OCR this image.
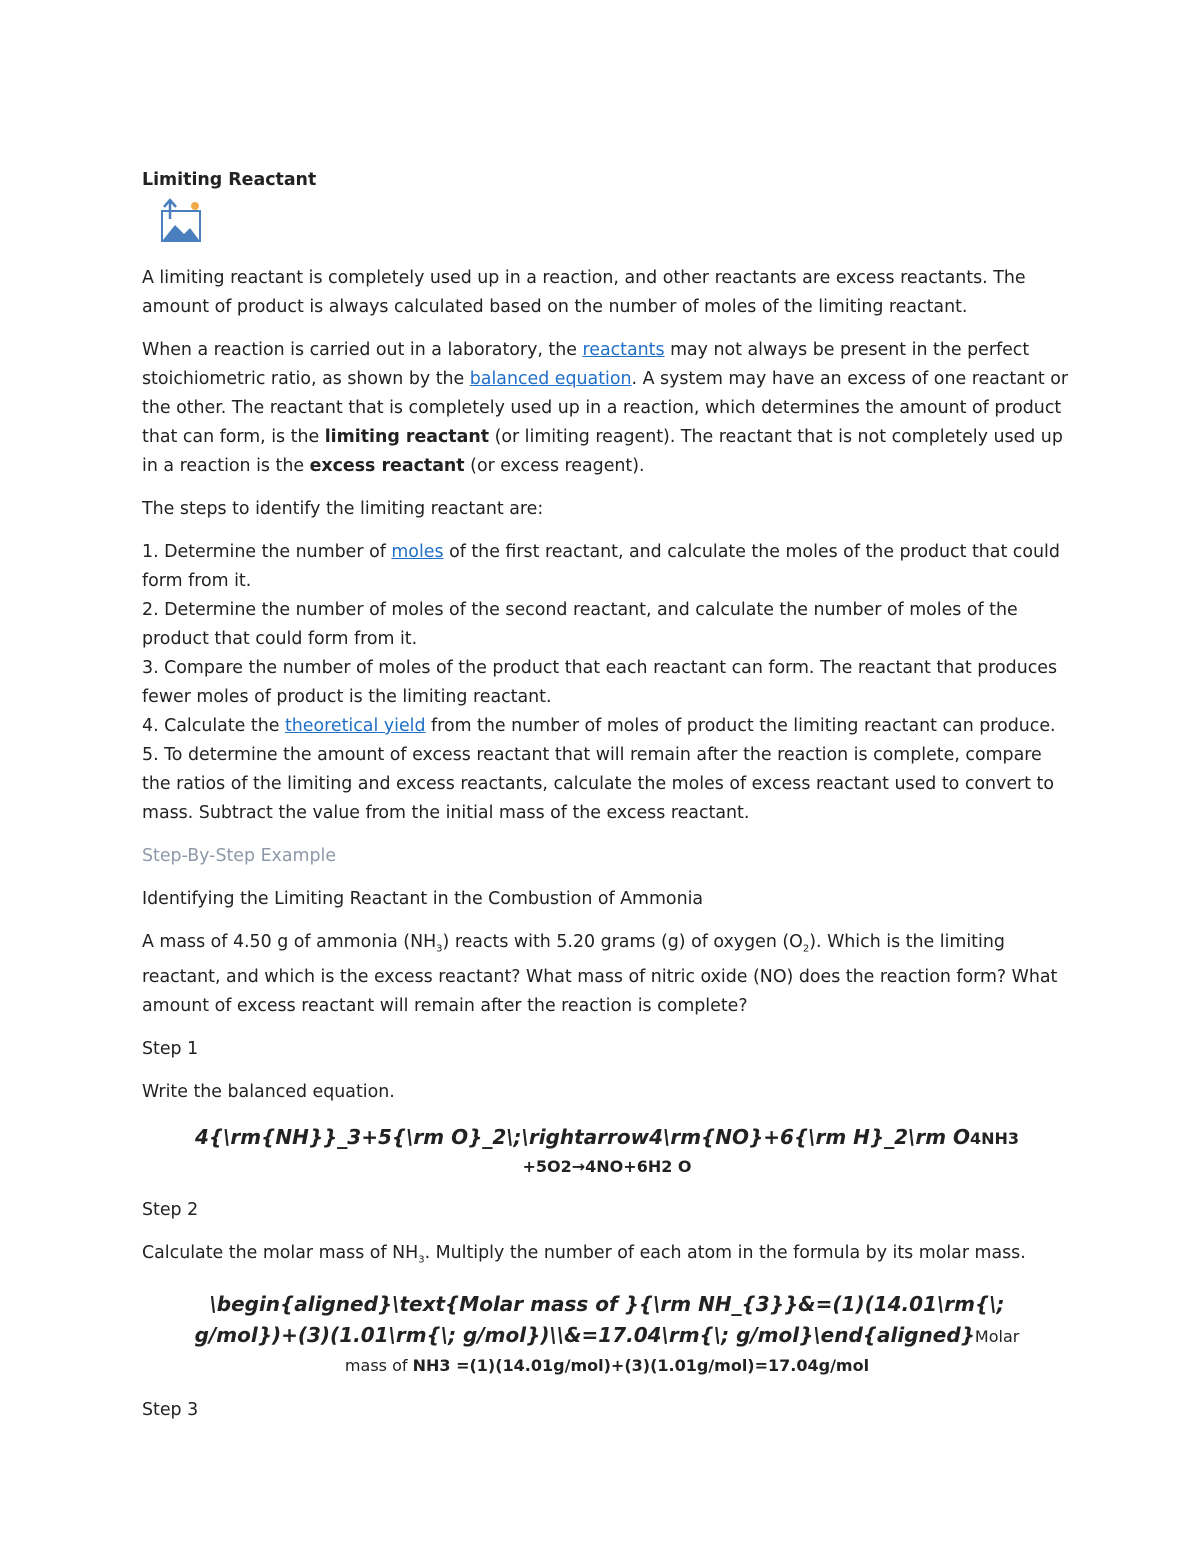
Limiting Reactant

A limiting reactant is completely used up in a reaction, and other reactants are excess reactants. The amount of product is always calculated based on the number of moles of the limiting reactant.

When a reaction is carried out in a laboratory, the reactants may not always be present in the perfect stoichiometric ratio, as shown by the balanced equation. A system may have an excess of one reactant or the other. The reactant that is completely used up in a reaction, which determines the amount of product that can form, is the limiting reactant (or limiting reagent). The reactant that is not completely used up in a reaction is the excess reactant (or excess reagent).

The steps to identify the limiting reactant are:

1. Determine the number of moles of the first reactant, and calculate the moles of the product that could form from it.

2. Determine the number of moles of the second reactant, and calculate the number of moles of the product that could form from it.

3. Compare the number of moles of the product that each reactant can form. The reactant that produces fewer moles of product is the limiting reactant.

4. Calculate the theoretical yield from the number of moles of product the limiting reactant can produce.

5. To determine the amount of excess reactant that will remain after the reaction is complete, compare the ratios of the limiting and excess reactants, calculate the moles of excess reactant used to convert to mass. Subtract the value from the initial mass of the excess reactant.

Step-By-Step Example

Identifying the Limiting Reactant in the Combustion of Ammonia

A mass of 4.50 g of ammonia $(NH_3)$ reacts with 5.20 grams (g) of oxygen $(O_2)$. Which is the limiting reactant, and which is the excess reactant? What mass of nitric oxide (NO) does the reaction form? What amount of excess reactant will remain after the reaction is complete?

Step 1

Write the balanced equation.

4{\rm{NH}}_3+5{\rm O}_2\;\rightarrow4\rm{NO}+6{\rm H}_2\rm O4NH3

+5O2→4NO+6H2 O

Step 2

Calculate the molar mass of $NH_3$. Multiply the number of each atom in the formula by its molar mass.

\begin{aligned}\text{Molar mass of }{\rm NH_{3}}&=(1)(14.01\rm{\;

g/mol})+(3)(1.01\rm{\; g/mol})\\&=17.04\rm{\; g/mol}\end{aligned}Molar

mass of NH3 =(1)(14.01g/mol)+(3)(1.01g/mol)=17.04g/mol

Step 3
